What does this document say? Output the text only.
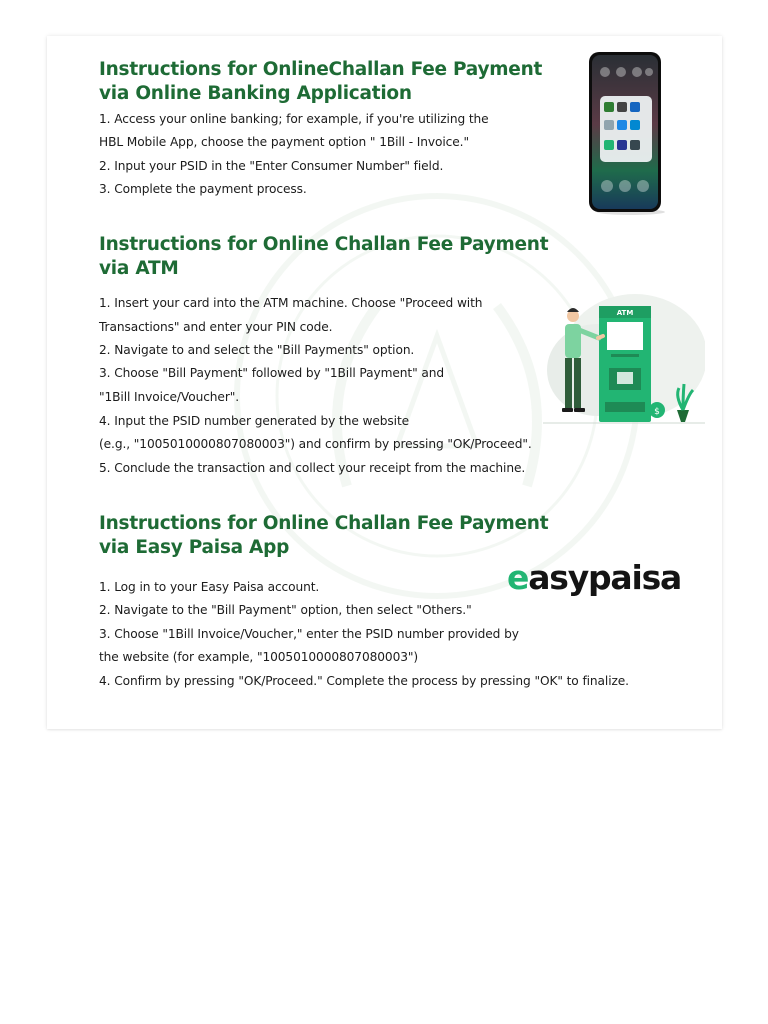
Instructions for OnlineChallan Fee Payment
via Online Banking Application
1. Access your online banking; for example, if you're utilizing the
HBL Mobile App, choose the payment option " 1Bill - Invoice."
2. Input your PSID in the "Enter Consumer Number" field.
3. Complete the payment process.
Instructions for Online Challan Fee Payment
via ATM
1. Insert your card into the ATM machine. Choose "Proceed with
Transactions" and enter your PIN code.
2. Navigate to and select the "Bill Payments" option.
3. Choose "Bill Payment" followed by "1Bill Payment" and
"1Bill Invoice/Voucher".
4. Input the PSID number generated by the website
(e.g., "1005010000807080003") and confirm by pressing "OK/Proceed".
5. Conclude the transaction and collect your receipt from the machine.
ATM
$
Instructions for Online Challan Fee Payment
via Easy Paisa App
1. Log in to your Easy Paisa account.
2. Navigate to the "Bill Payment" option, then select "Others."
3. Choose "1Bill Invoice/Voucher," enter the PSID number provided by
the website (for example, "1005010000807080003")
4. Confirm by pressing "OK/Proceed." Complete the process by pressing "OK" to finalize.
easypaisa
